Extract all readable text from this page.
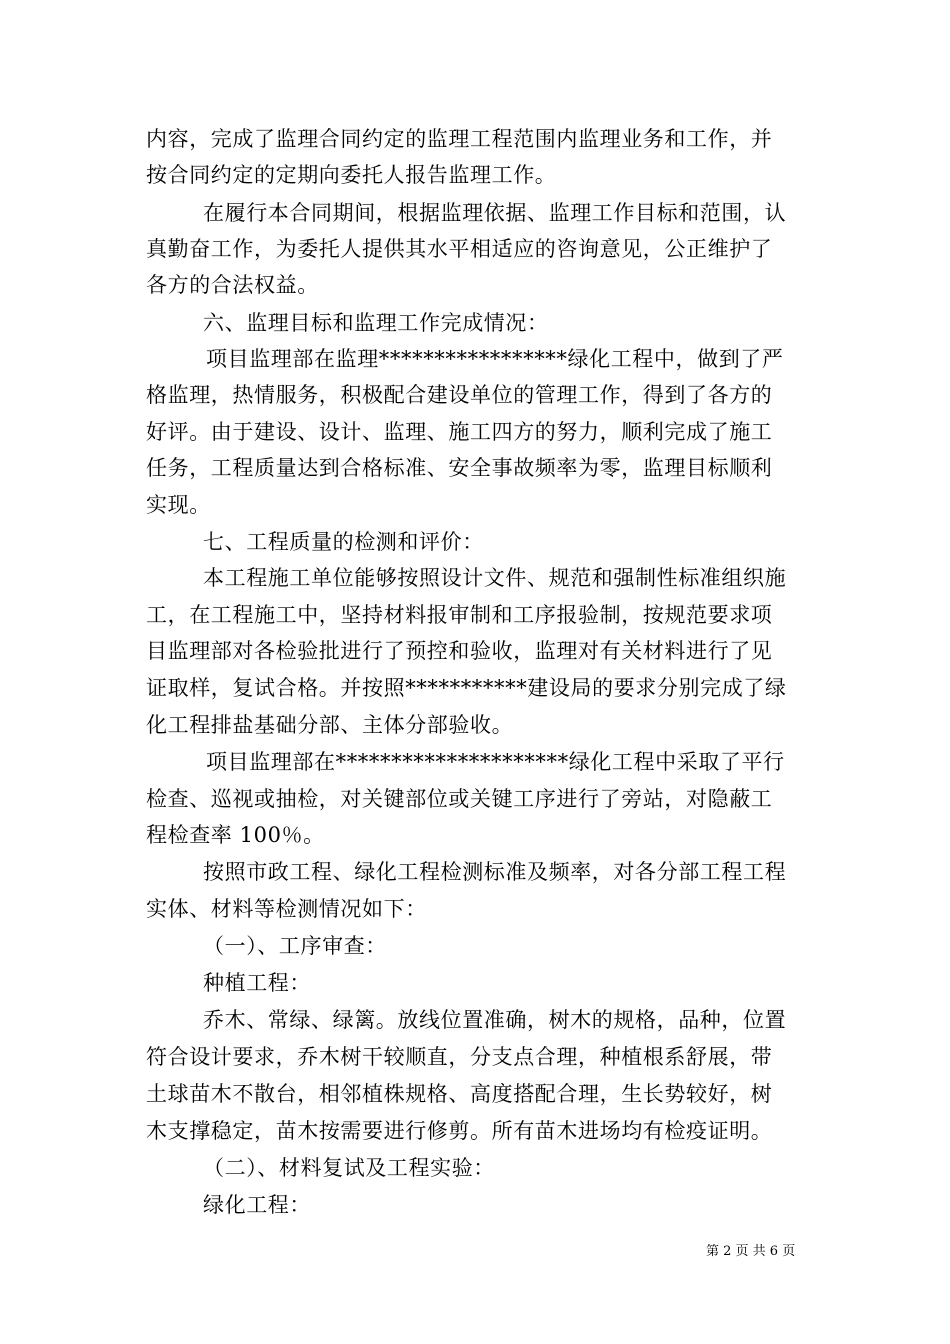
内容，完成了监理合同约定的监理工程范围内监理业务和工作，并
按合同约定的定期向委托人报告监理工作。
在履行本合同期间，根据监理依据、监理工作目标和范围，认
真勤奋工作，为委托人提供其水平相适应的咨询意见，公正维护了
各方的合法权益。
六、监理目标和监理工作完成情况：
项目监理部在监理*****************绿化工程中，做到了严
格监理，热情服务，积极配合建设单位的管理工作，得到了各方的
好评。由于建设、设计、监理、施工四方的努力，顺利完成了施工
任务，工程质量达到合格标准、安全事故频率为零，监理目标顺利
实现。
七、工程质量的检测和评价：
本工程施工单位能够按照设计文件、规范和强制性标准组织施
工，在工程施工中，坚持材料报审制和工序报验制，按规范要求项
目监理部对各检验批进行了预控和验收，监理对有关材料进行了见
证取样，复试合格。并按照***********建设局的要求分别完成了绿
化工程排盐基础分部、主体分部验收。
项目监理部在*********************绿化工程中采取了平行
检查、巡视或抽检，对关键部位或关键工序进行了旁站，对隐蔽工
程检查率 100％。
按照市政工程、绿化工程检测标准及频率，对各分部工程工程
实体、材料等检测情况如下：
（一）、工序审查：
种植工程：
乔木、常绿、绿篱。放线位置准确，树木的规格，品种，位置
符合设计要求，乔木树干较顺直，分支点合理，种植根系舒展，带
土球苗木不散台，相邻植株规格、高度搭配合理，生长势较好，树
木支撑稳定，苗木按需要进行修剪。所有苗木进场均有检疫证明。
（二）、材料复试及工程实验：
绿化工程：
第 2 页 共 6 页
